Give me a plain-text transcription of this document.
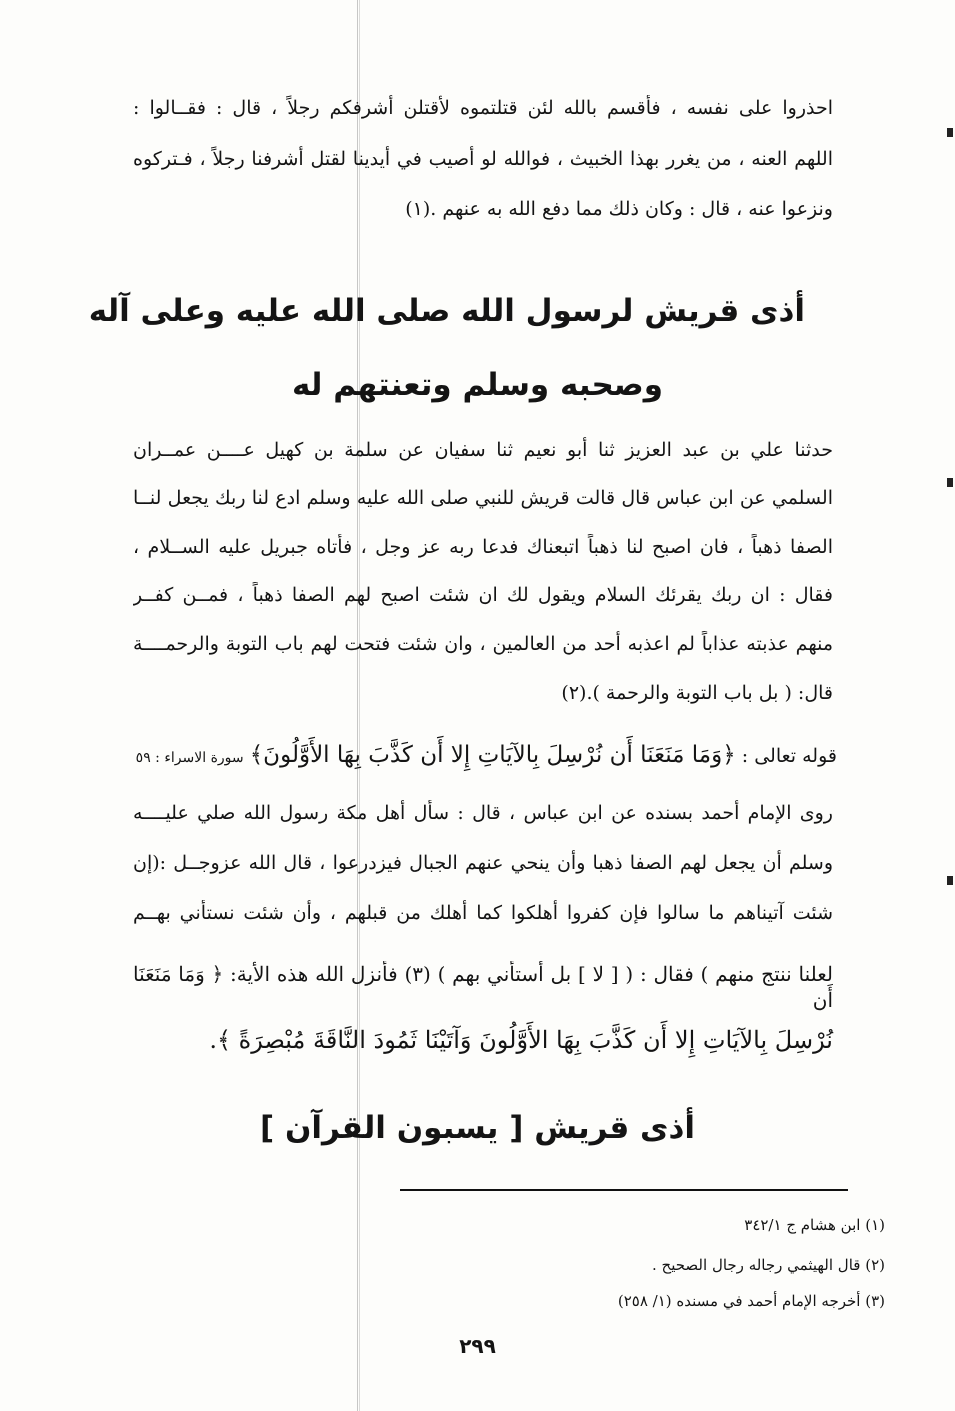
احذروا على نفسه ، فأقسم بالله لئن قتلتموه لأقتلن أشرفكم رجلاً ، قال : فقــالوا :
اللهم العنه ، من يغرر بهذا الخبيث ، فوالله لو أصيب في أيدينا لقتل أشرفنا رجلاً ، فـتركوه
ونزعوا عنه ، قال : وكان ذلك مما دفع الله به عنهم .(١)
أذى قريش لرسول الله صلى الله عليه وعلى آله
وصحبه وسلم وتعنتهم له
حدثنا علي بن عبد العزيز ثنا أبو نعيم ثنا سفيان عن سلمة بن كهيل عــــن عمــران
السلمي عن ابن عباس قال قالت قريش للنبي صلى الله عليه وسلم ادع لنا ربك يجعل لنــا
الصفا ذهباً ، فان اصبح لنا ذهباً اتبعناك فدعا ربه عز وجل ، فأتاه جبريل عليه الســلام ،
فقال : ان ربك يقرئك السلام ويقول لك ان شئت اصبح لهم الصفا ذهباً ، فمــن كفــر
منهم عذبته عذاباً لم اعذبه أحد من العالمين ، وان شئت فتحت لهم باب التوبة والرحمــــة
قال: ( بل باب التوبة والرحمة ).(٢)
قوله تعالى : ﴿وَمَا مَنَعَنَا أَن نُرْسِلَ بِالآيَاتِ إِلا أَن كَذَّبَ بِهَا الأَوَّلُونَ﴾ سورة الاسراء : ٥٩
روى الإمام أحمد بسنده عن ابن عباس ، قال : سأل أهل مكة رسول الله صلي عليــــه
وسلم أن يجعل لهم الصفا ذهبا وأن ينحي عنهم الجبال فيزدرعوا ، قال الله عزوجــل :(إن
شئت آتيناهم ما سالوا فإن كفروا أهلكوا كما أهلك من قبلهم ، وأن شئت نستأني بهــم
لعلنا ننتج منهم ) فقال : ( [ لا ] بل أستأني بهم ) (٣) فأنزل الله هذه الأية: ﴿ وَمَا مَنَعَنَا أَن
نُرْسِلَ بِالآيَاتِ إِلا أَن كَذَّبَ بِهَا الأَوَّلُونَ وَآتَيْنَا ثَمُودَ النَّاقَةَ مُبْصِرَةً ﴾.
أذى قريش [ يسبون القرآن ]
(١) ابن هشام ج ٣٤٢/١
(٢) قال الهيثمي رجاله رجال الصحيح .
(٣) أخرجه الإمام أحمد في مسنده (١/ ٢٥٨)
٢٩٩
